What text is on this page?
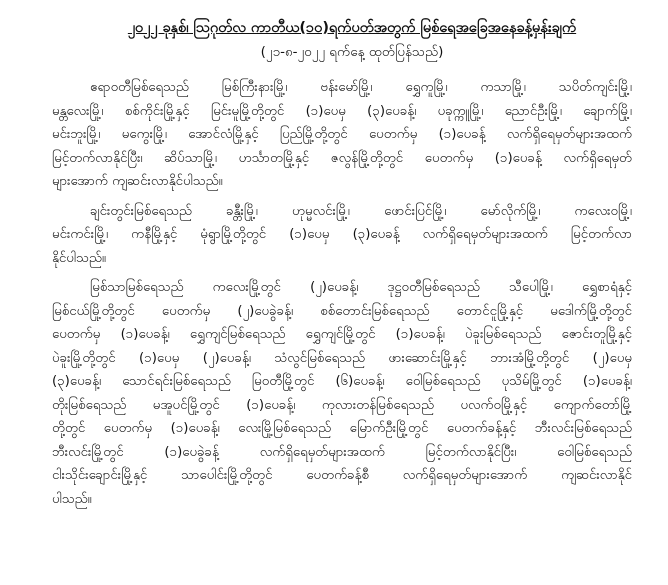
၂၀၂၂ ခုနှစ်၊ ဩဂုတ်လ ကာတီယ(၁၀)ရက်ပတ်အတွက် မြစ်ရေအခြေအနေခန့်မှန်းချက်
(၂၁-၈-၂၀၂၂ ရက်နေ့ ထုတ်ပြန်သည်)
ဧရာဝတီမြစ်ရေသည် မြစ်ကြီးနားမြို့၊ ဗန်းမော်မြို့၊ ရွှေကူမြို့၊ ကသာမြို့၊ သပိတ်ကျင်းမြို့၊
မန္တလေးမြို့၊ စစ်ကိုင်းမြို့နှင့် မြင်းမူမြို့တို့တွင် (၁)ပေမှ (၃)ပေခန့်၊ ပခုက္ကူမြို့၊ ညောင်ဦးမြို့၊ ချောက်မြို့၊
မင်းဘူးမြို့၊ မကွေးမြို့၊ အောင်လံမြို့နှင့် ပြည်မြို့တို့တွင် ပေတက်မှ (၁)ပေခန့် လက်ရှိရေမှတ်များအထက်
မြင့်တက်လာနိုင်ပြီး၊ ဆိပ်သာမြို့၊ ဟင်္သာတမြို့နှင့် ဇလွန်မြို့တို့တွင် ပေတက်မှ (၁)ပေခန့် လက်ရှိရေမှတ်
များအောက် ကျဆင်းလာနိုင်ပါသည်။
ချင်းတွင်းမြစ်ရေသည် ခန္တီးမြို့၊ ဟုမ္မလင်းမြို့၊ ဖောင်းပြင်မြို့၊ မော်လိုက်မြို့၊ ကလေးဝမြို့၊
မင်းကင်းမြို့၊ ကနီမြို့နှင့် မုံရွာမြို့တို့တွင် (၁)ပေမှ (၃)ပေခန့် လက်ရှိရေမှတ်များအထက် မြင့်တက်လာ
နိုင်ပါသည်။
မြစ်သာမြစ်ရေသည် ကလေးမြို့တွင် (၂)ပေခန့်၊ ဒုဋ္ဌဝတီမြစ်ရေသည် သီပေါမြို့၊ ရွှေစာရံနှင့်
မြစ်ငယ်မြို့တို့တွင် ပေတက်မှ (၂)ပေခွဲခန့်၊ စစ်တောင်းမြစ်ရေသည် တောင်ငူမြို့နှင့် မဒေါက်မြို့တို့တွင်
ပေတက်မှ (၁)ပေခန့်၊ ရွှေကျင်မြစ်ရေသည် ရွှေကျင်မြို့တွင် (၁)ပေခန့်၊ ပဲခူးမြစ်ရေသည် ဇောင်းတူမြို့နှင့်
ပဲခူးမြို့တို့တွင် (၁)ပေမှ (၂)ပေခန့်၊ သံလွင်မြစ်ရေသည် ဖားဆောင်းမြို့နှင့် ဘားအံမြို့တို့တွင် (၂)ပေမှ
(၃)ပေခန့်၊ သောင်ရင်းမြစ်ရေသည် မြဝတီမြို့တွင် (၆)ပေခန့်၊ ဝေါမြစ်ရေသည် ပုသိမ်မြို့တွင် (၁)ပေခန့်၊
တိုးမြစ်ရေသည် မအူပင်မြို့တွင် (၁)ပေခန့်၊ ကုလားတန်မြစ်ရေသည် ပလက်ဝမြို့နှင့် ကျောက်တော်မြို့
တို့တွင် ပေတက်မှ (၁)ပေခန့်၊ လေးမြို့မြစ်ရေသည် မြောက်ဦးမြို့တွင် ပေတက်ခန့်နှင့် ဘီးလင်းမြစ်ရေသည်
ဘီးလင်းမြို့တွင် (၁)ပေခွဲခန့် လက်ရှိရေမှတ်များအထက် မြင့်တက်လာနိုင်ပြီး၊ ဝေါမြစ်ရေသည်
ငါးသိုင်းချောင်းမြို့နှင့် သာပေါင်းမြို့တို့တွင် ပေတက်ခန့်စီ လက်ရှိရေမှတ်များအောက် ကျဆင်းလာနိုင်
ပါသည်။
